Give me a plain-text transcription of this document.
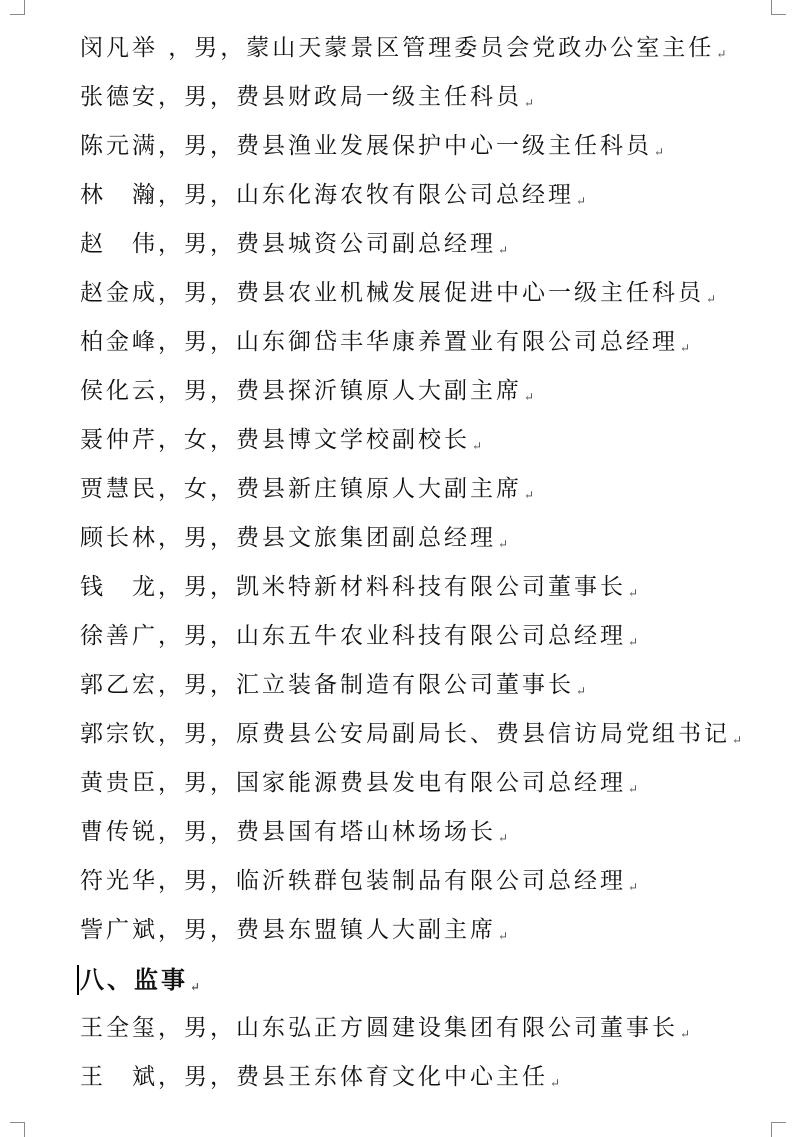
闵凡举 ，男，蒙山天蒙景区管理委员会党政办公室主任 ↵
张德安，男，费县财政局一级主任科员 ↵
陈元满，男，费县渔业发展保护中心一级主任科员 ↵
林　瀚，男，山东化海农牧有限公司总经理 ↵
赵　伟，男，费县城资公司副总经理 ↵
赵金成，男，费县农业机械发展促进中心一级主任科员 ↵
柏金峰，男，山东御岱丰华康养置业有限公司总经理 ↵
侯化云，男，费县探沂镇原人大副主席 ↵
聂仲芹，女，费县博文学校副校长 ↵
贾慧民，女，费县新庄镇原人大副主席 ↵
顾长林，男，费县文旅集团副总经理 ↵
钱　龙，男，凯米特新材料科技有限公司董事长 ↵
徐善广，男，山东五牛农业科技有限公司总经理 ↵
郭乙宏，男，汇立装备制造有限公司董事长 ↵
郭宗钦，男，原费县公安局副局长、费县信访局党组书记 ↵
黄贵臣，男，国家能源费县发电有限公司总经理 ↵
曹传锐，男，费县国有塔山林场场长 ↵
符光华，男，临沂轶群包装制品有限公司总经理 ↵
訾广斌，男，费县东盟镇人大副主席 ↵
八、监事 ↵
王全玺，男，山东弘正方圆建设集团有限公司董事长 ↵
王　斌，男，费县王东体育文化中心主任 ↵
